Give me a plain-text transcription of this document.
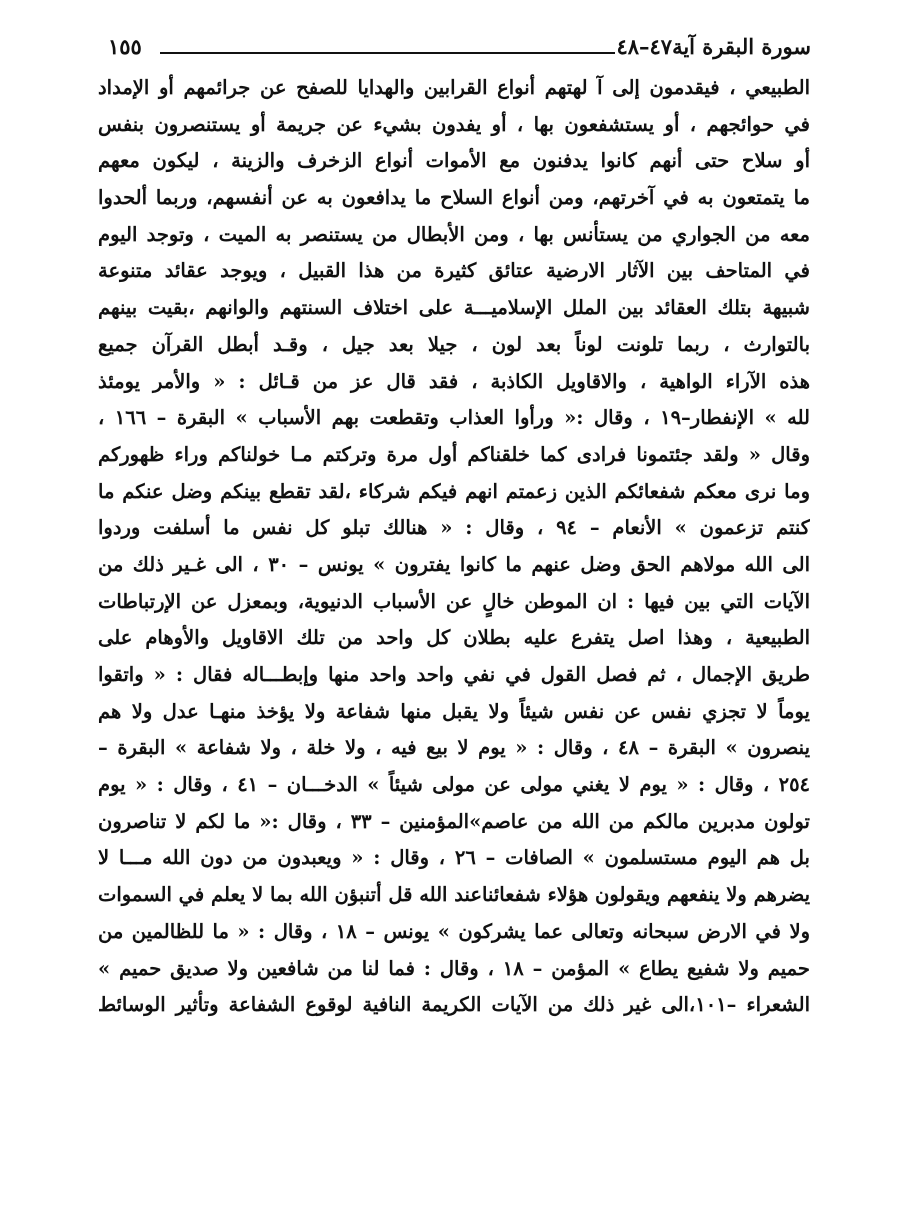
سورة البقرة آية٤٧–٤٨
١٥٥
الطبيعي ، فيقدمون إلى آ لهتهم أنواع القرابين والهدايا للصفح عن جرائمهم أو الإمداد
في حوائجهم ، أو يستشفعون بها ، أو يفدون بشيء عن جريمة أو يستنصرون بنفس
أو سلاح حتى أنهم كانوا يدفنون مع الأموات أنواع الزخرف والزينة ، ليكون معهم
ما يتمتعون به في آخرتهم، ومن أنواع السلاح ما يدافعون به عن أنفسهم، وربما ألحدوا
معه من الجواري من يستأنس بها ، ومن الأبطال من يستنصر به الميت ، وتوجد اليوم
في المتاحف بين الآثار الارضية عتائق كثيرة من هذا القبيل ، ويوجد عقائد متنوعة
شبيهة بتلك العقائد بين الملل الإسلاميـــة على اختلاف السنتهم والوانهم ،بقيت بينهم
بالتوارث ، ربما تلونت لوناً بعد لون ، جيلا بعد جيل ، وقـد أبطل القرآن جميع
هذه الآراء الواهية ، والاقاويل الكاذبة ، فقد قال عز من قـائل : « والأمر يومئذ
لله » الإنفطار–١٩ ، وقال :« ورأوا العذاب وتقطعت بهم الأسباب » البقرة – ١٦٦ ،
وقال « ولقد جئتمونا فرادى كما خلقناكم أول مرة وتركتم مـا خولناكم وراء ظهوركم
وما نرى معكم شفعائكم الذين زعمتم انهم فيكم شركاء ،لقد تقطع بينكم وضل عنكم ما
كنتم تزعمون » الأنعام – ٩٤ ، وقال : « هنالك تبلو كل نفس ما أسلفت وردوا
الى الله مولاهم الحق وضل عنهم ما كانوا يفترون » يونس – ٣٠ ، الى غـير ذلك من
الآيات التي بين فيها : ان الموطن خالٍ عن الأسباب الدنيوية، وبمعزل عن الإرتباطات
الطبيعية ، وهذا اصل يتفرع عليه بطلان كل واحد من تلك الاقاويل والأوهام على
طريق الإجمال ، ثم فصل القول في نفي واحد واحد منها وإبطـــاله فقال : « واتقوا
يوماً لا تجزي نفس عن نفس شيئاً ولا يقبل منها شفاعة ولا يؤخذ منهـا عدل ولا هم
ينصرون » البقرة – ٤٨ ، وقال : « يوم لا بيع فيه ، ولا خلة ، ولا شفاعة » البقرة –
٢٥٤ ، وقال : « يوم لا يغني مولى عن مولى شيئاً » الدخـــان – ٤١ ، وقال : « يوم
تولون مدبرين مالكم من الله من عاصم»المؤمنين – ٣٣ ، وقال :« ما لكم لا تناصرون
بل هم اليوم مستسلمون » الصافات – ٢٦ ، وقال : « ويعبدون من دون الله مـــا لا
يضرهم ولا ينفعهم ويقولون هؤلاء شفعائناعند الله قل أتنبؤن الله بما لا يعلم في السموات
ولا في الارض سبحانه وتعالى عما يشركون » يونس – ١٨ ، وقال : « ما للظالمين من
حميم ولا شفيع يطاع » المؤمن – ١٨ ، وقال : فما لنا من شافعين ولا صديق حميم »
الشعراء –١٠١،الى غير ذلك من الآيات الكريمة النافية لوقوع الشفاعة وتأثير الوسائط
